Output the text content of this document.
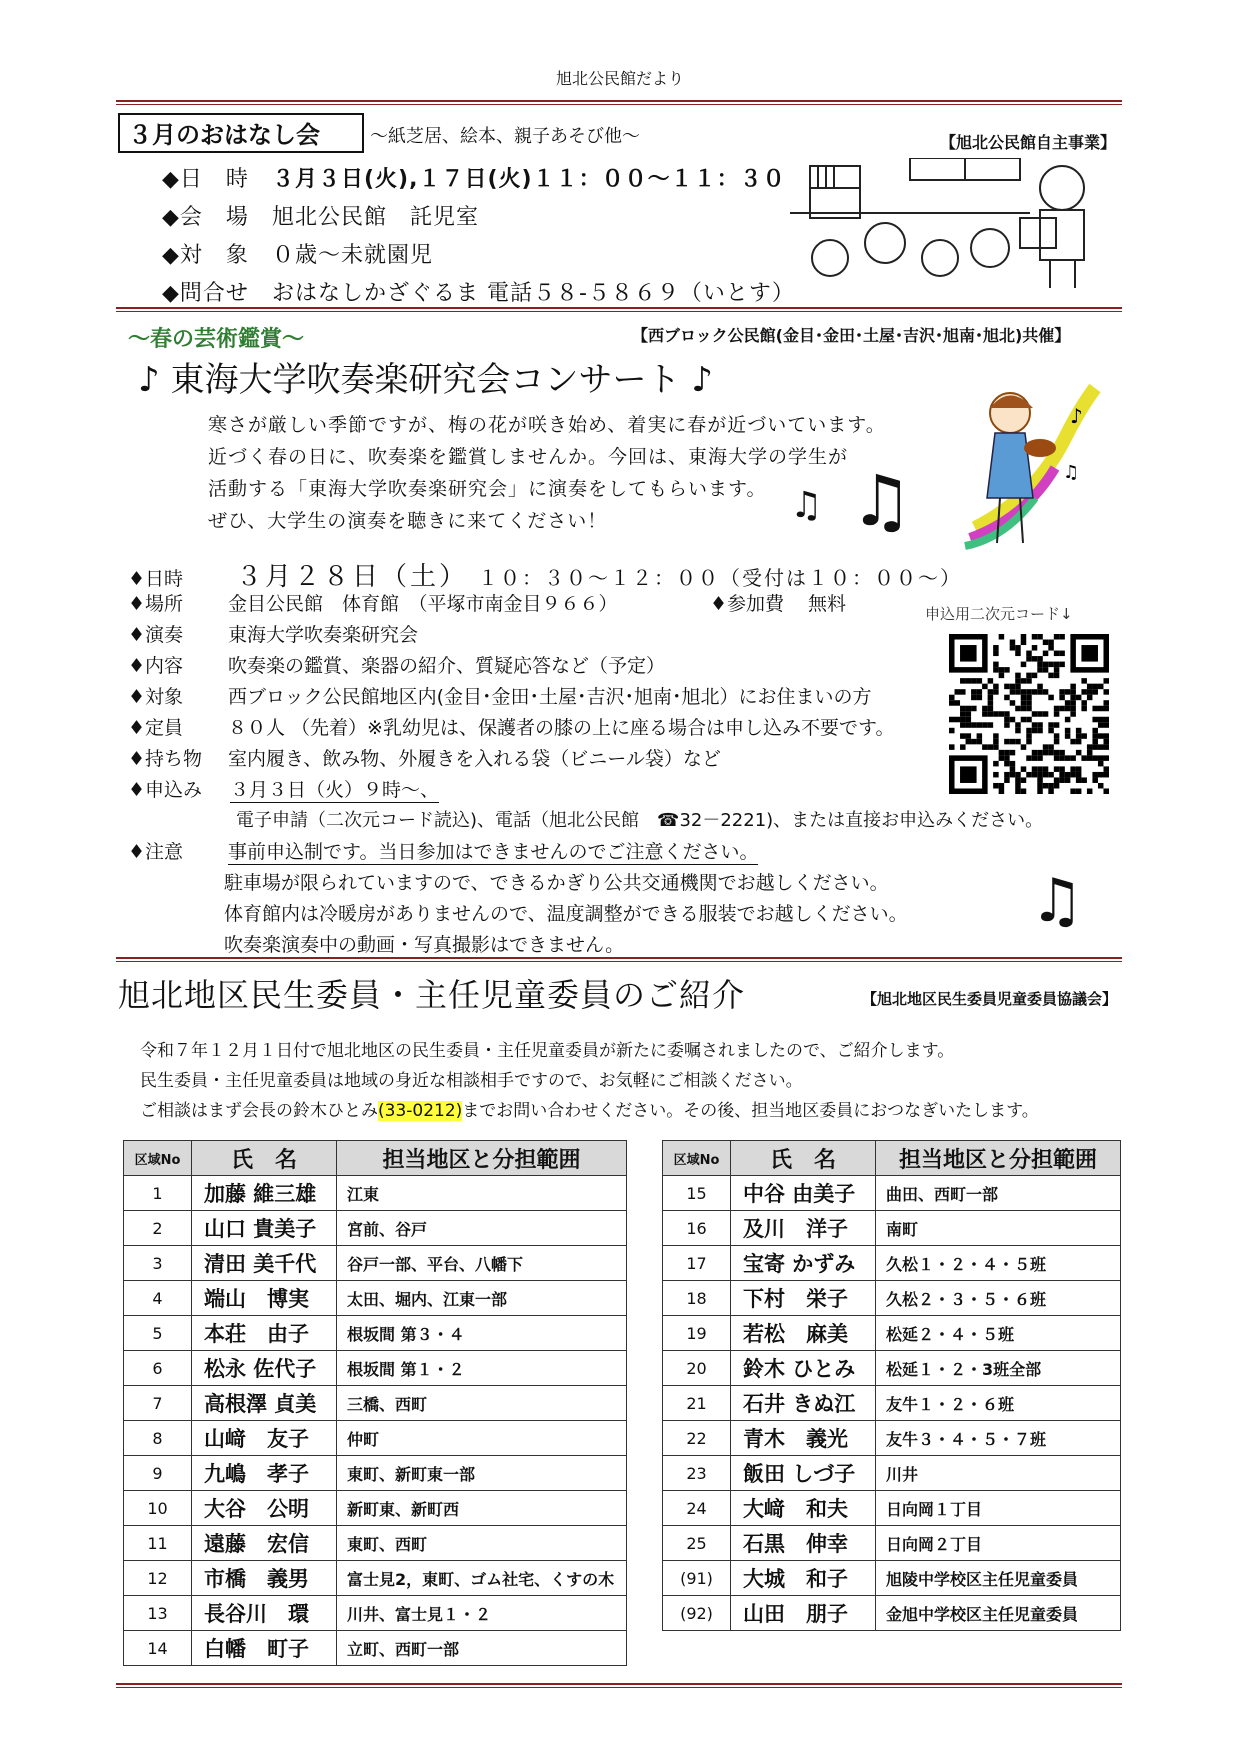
旭北公民館だより
３月のおはなし会	～紙芝居、絵本、親子あそび他～	【旭北公民館自主事業】
◆日　時 ３月３日(火),１７日(火)１１：００～１１：３０
◆会　場 旭北公民館　託児室
◆対　象 ０歳～未就園児
◆問合せ おはなしかざぐるま 電話５８-５８６９（いとす）
～春の芸術鑑賞～	【西ブロック公民館(金目･金田･土屋･吉沢･旭南･旭北)共催】
♪ 東海大学吹奏楽研究会コンサート ♪
寒さが厳しい季節ですが、梅の花が咲き始め、着実に春が近づいています。
近づく春の日に、吹奏楽を鑑賞しませんか。今回は、東海大学の学生が
活動する「東海大学吹奏楽研究会」に演奏をしてもらいます。
ぜひ、大学生の演奏を聴きに来てください！
♪
♫
♫ ♫
♦日時 ３月２８日（土） １０：３０～１２：００（受付は１０：００～）
♦場所 金目公民館　体育館　（平塚市南金目９６６）	♦参加費 無料	申込用二次元コード↓
♦演奏 東海大学吹奏楽研究会
♦内容 吹奏楽の鑑賞、楽器の紹介、質疑応答など（予定）
♦対象 西ブロック公民館地区内(金目･金田･土屋･吉沢･旭南･旭北）にお住まいの方
♦定員 ８０人 （先着）※乳幼児は、保護者の膝の上に座る場合は申し込み不要です。
♦持ち物 室内履き、飲み物、外履きを入れる袋（ビニール袋）など
♦申込み ３月３日（火）９時～、
電子申請（二次元コード読込)、電話（旭北公民館　☎32－2221)、または直接お申込みください。
♦注意 事前申込制です。当日参加はできませんのでご注意ください。
駐車場が限られていますので、できるかぎり公共交通機関でお越しください。
体育館内は冷暖房がありませんので、温度調整ができる服装でお越しください。
吹奏楽演奏中の動画・写真撮影はできません。
♫
旭北地区民生委員・主任児童委員のご紹介	【旭北地区民生委員児童委員協議会】
令和７年１２月１日付で旭北地区の民生委員・主任児童委員が新たに委嘱されましたので、ご紹介します。
民生委員・主任児童委員は地域の身近な相談相手ですので、お気軽にご相談ください。
ご相談はまず会長の鈴木ひとみ(33-0212)までお問い合わせください。その後、担当地区委員におつなぎいたします。
区域No	氏　名	担当地区と分担範囲
1	加藤 維三雄	江東
2	山口 貴美子	宮前、谷戸
3	清田 美千代	谷戸一部、平台、八幡下
4	端山　博実	太田、堀内、江東一部
5	本荘　由子	根坂間 第３・４
6	松永 佐代子	根坂間 第１・２
7	高根澤 貞美	三橋、西町
8	山﨑　友子	仲町
9	九嶋　孝子	東町、新町東一部
10	大谷　公明	新町東、新町西
11	遠藤　宏信	東町、西町
12	市橋　義男	富士見2，東町、ゴム社宅、くすの木
13	長谷川　環	川井、富士見１・２
14	白幡　町子	立町、西町一部
区域No	氏　名	担当地区と分担範囲
15	中谷 由美子	曲田、西町一部
16	及川　洋子	南町
17	宝寄 かずみ	久松１・２・４・５班
18	下村　栄子	久松２・３・５・６班
19	若松　麻美	松延２・４・５班
20	鈴木 ひとみ	松延１・２・3班全部
21	石井 きぬ江	友牛１・２・６班
22	青木　義光	友牛３・４・５・７班
23	飯田 しづ子	川井
24	大﨑　和夫	日向岡１丁目
25	石黒　伸幸	日向岡２丁目
(91)	大城　和子	旭陵中学校区主任児童委員
(92)	山田　朋子	金旭中学校区主任児童委員
